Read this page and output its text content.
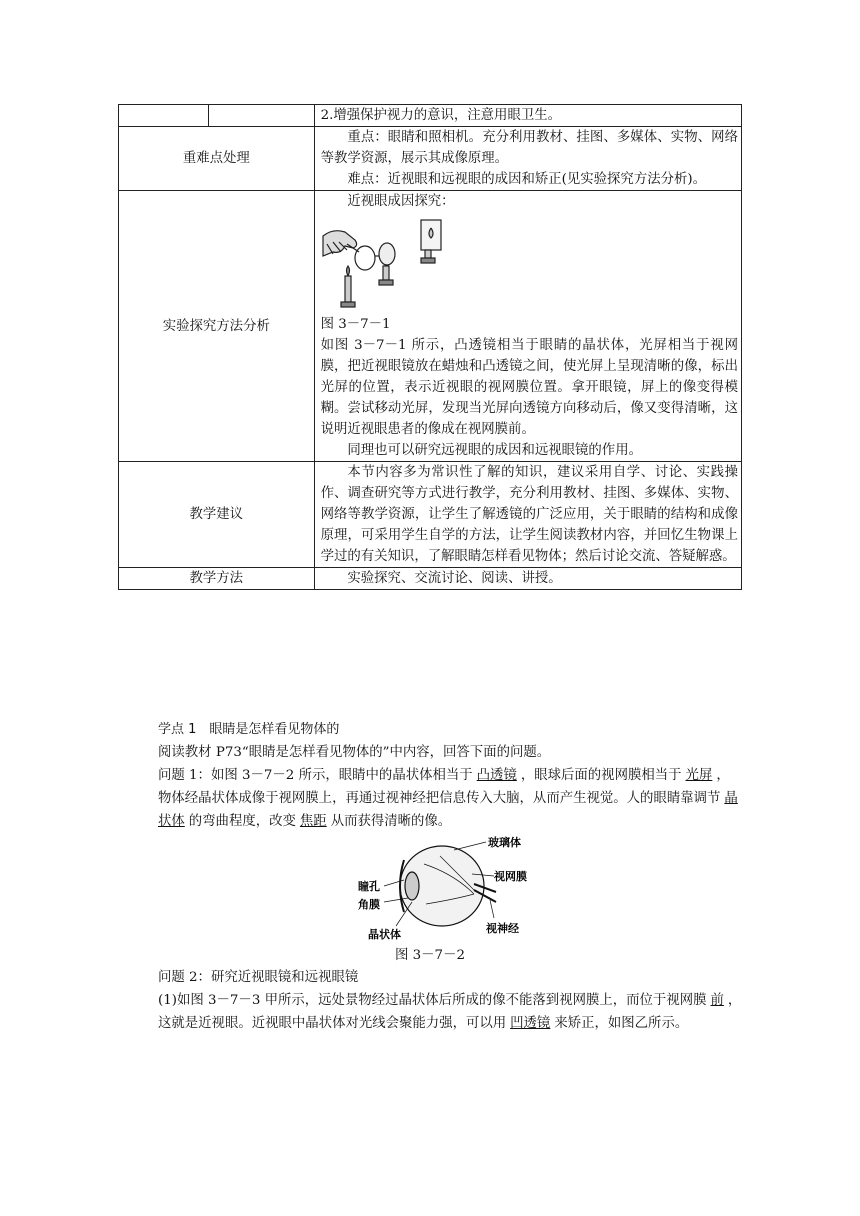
		2.增强保护视力的意识，注意用眼卫生。
重难点处理		重点：眼睛和照相机。充分利用教材、挂图、多媒体、实物、网络等教学资源，展示其成像原理。
难点：近视眼和远视眼的成因和矫正(见实验探究方法分析)。

实验探究方法分析		近视眼成因探究：
图 3－7－1
如图 3－7－1 所示，凸透镜相当于眼睛的晶状体，光屏相当于视网膜，把近视眼镜放在蜡烛和凸透镜之间，使光屏上呈现清晰的像，标出光屏的位置，表示近视眼的视网膜位置。拿开眼镜，屏上的像变得模糊。尝试移动光屏，发现当光屏向透镜方向移动后，像又变得清晰，这说明近视眼患者的像成在视网膜前。
同理也可以研究远视眼的成因和远视眼镜的作用。

教学建议		本节内容多为常识性了解的知识，建议采用自学、讨论、实践操作、调查研究等方式进行教学，充分利用教材、挂图、多媒体、实物、网络等教学资源，让学生了解透镜的广泛应用，关于眼睛的结构和成像原理，可采用学生自学的方法，让学生阅读教材内容，并回忆生物课上学过的有关知识，了解眼睛怎样看见物体；然后讨论交流、答疑解惑。

教学方法		实验探究、交流讨论、阅读、讲授。
学点 1　眼睛是怎样看见物体的
阅读教材 P73“眼睛是怎样看见物体的”中内容，回答下面的问题。
问题 1：如图 3－7－2 所示，眼睛中的晶状体相当于 凸透镜 ，眼球后面的视网膜相当于 光屏 ，物体经晶状体成像于视网膜上，再通过视神经把信息传入大脑，从而产生视觉。人的眼睛靠调节 晶状体 的弯曲程度，改变 焦距 从而获得清晰的像。
玻璃体
视网膜
瞳孔
角膜
晶状体	视神经
图 3－7－2
问题 2：研究近视眼镜和远视眼镜
(1)如图 3－7－3 甲所示，远处景物经过晶状体后所成的像不能落到视网膜上，而位于视网膜 前 ，这就是近视眼。近视眼中晶状体对光线会聚能力强，可以用 凹透镜 来矫正，如图乙所示。
